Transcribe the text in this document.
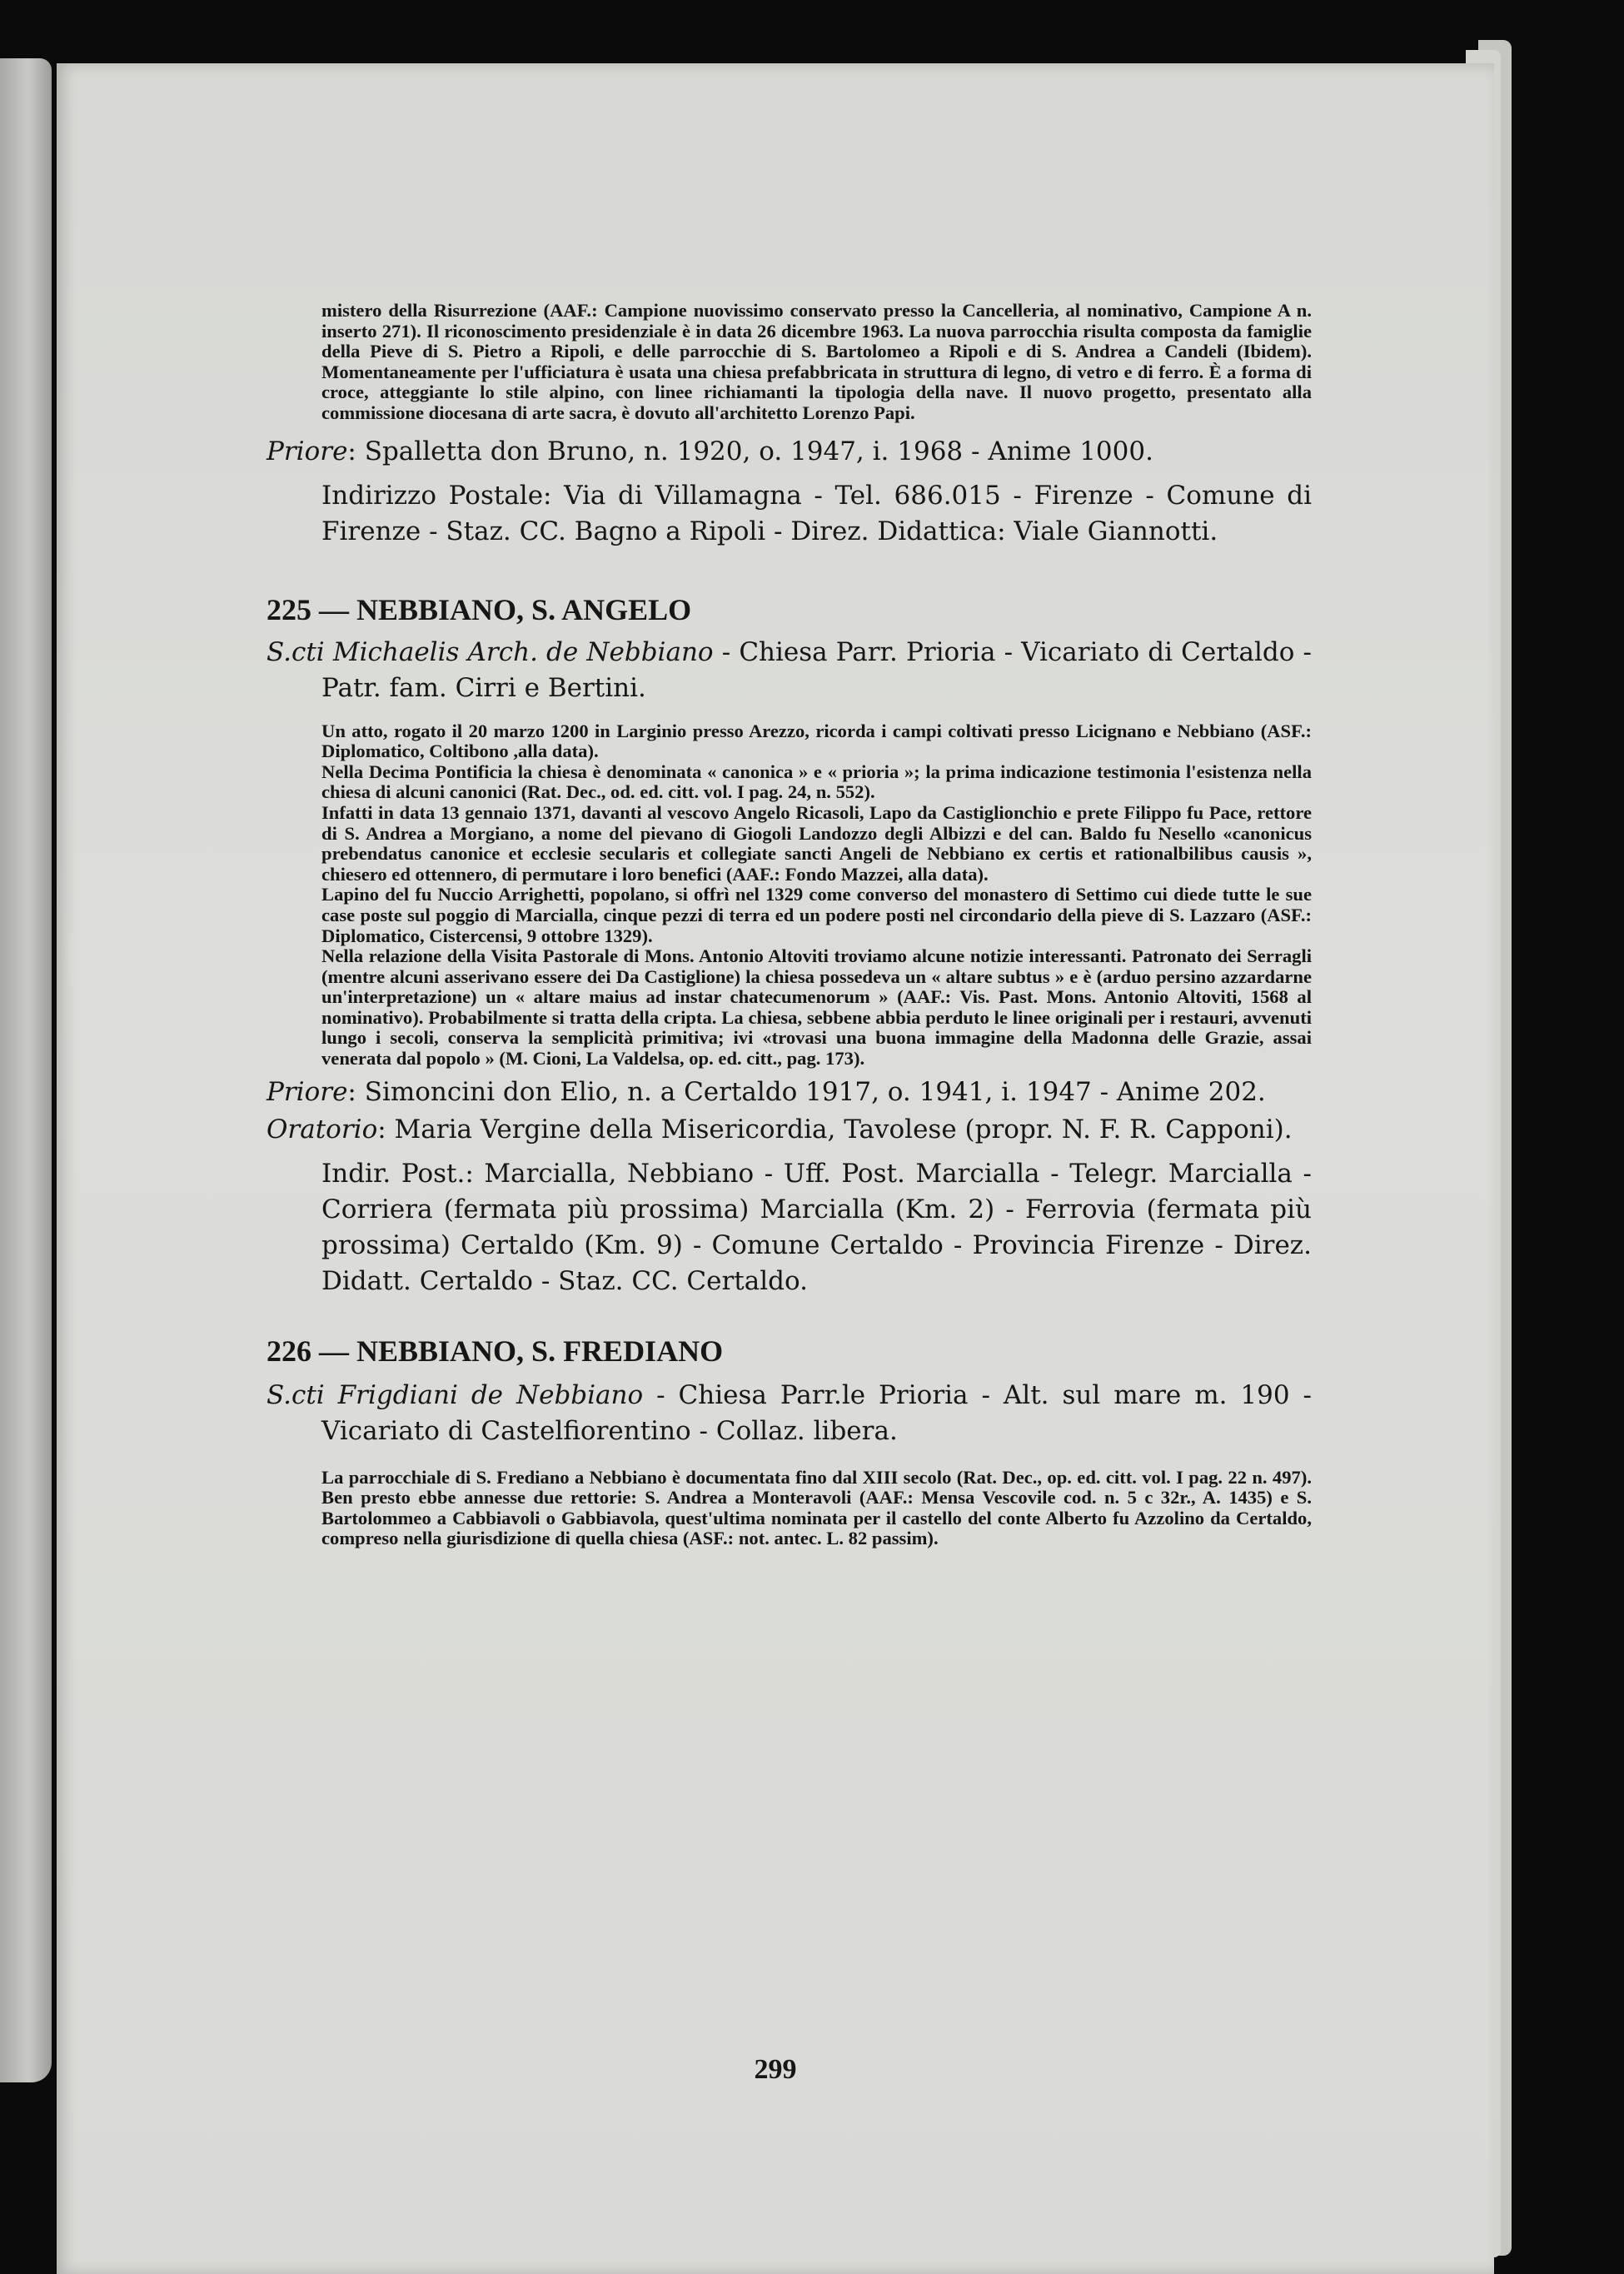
mistero della Risurrezione (AAF.: Campione nuovissimo conservato presso la Cancelleria, al nominativo, Campione A n. inserto 271). Il riconoscimento presidenziale è in data 26 dicembre 1963. La nuova parrocchia risulta composta da famiglie della Pieve di S. Pietro a Ripoli, e delle parrocchie di S. Bartolomeo a Ripoli e di S. Andrea a Candeli (Ibidem). Momentaneamente per l'ufficiatura è usata una chiesa prefabbricata in struttura di legno, di vetro e di ferro. È a forma di croce, atteggiante lo stile alpino, con linee richiamanti la tipologia della nave. Il nuovo progetto, presentato alla commissione diocesana di arte sacra, è dovuto all'architetto Lorenzo Papi.

Priore: Spalletta don Bruno, n. 1920, o. 1947, i. 1968 - Anime 1000.
Indirizzo Postale: Via di Villamagna - Tel. 686.015 - Firenze - Comune di Firenze - Staz. CC. Bagno a Ripoli - Direz. Didattica: Viale Giannotti.
225 — NEBBIANO, S. ANGELO
S.cti Michaelis Arch. de Nebbiano - Chiesa Parr. Prioria - Vicariato di Certaldo - Patr. fam. Cirri e Bertini.

Un atto, rogato il 20 marzo 1200 in Larginio presso Arezzo, ricorda i campi coltivati presso Licignano e Nebbiano (ASF.: Diplomatico, Coltibono ,alla data).

Nella Decima Pontificia la chiesa è denominata « canonica » e « prioria »; la prima indicazione testimonia l'esistenza nella chiesa di alcuni canonici (Rat. Dec., od. ed. citt. vol. I pag. 24, n. 552).

Infatti in data 13 gennaio 1371, davanti al vescovo Angelo Ricasoli, Lapo da Castiglionchio e prete Filippo fu Pace, rettore di S. Andrea a Morgiano, a nome del pievano di Giogoli Landozzo degli Albizzi e del can. Baldo fu Nesello «canonicus prebendatus canonice et ecclesie secularis et collegiate sancti Angeli de Nebbiano ex certis et rationalbilibus causis », chiesero ed ottennero, di permutare i loro benefici (AAF.: Fondo Mazzei, alla data).

Lapino del fu Nuccio Arrighetti, popolano, si offrì nel 1329 come converso del monastero di Settimo cui diede tutte le sue case poste sul poggio di Marcialla, cinque pezzi di terra ed un podere posti nel circondario della pieve di S. Lazzaro (ASF.: Diplomatico, Cistercensi, 9 ottobre 1329).

Nella relazione della Visita Pastorale di Mons. Antonio Altoviti troviamo alcune notizie interessanti. Patronato dei Serragli (mentre alcuni asserivano essere dei Da Castiglione) la chiesa possedeva un « altare subtus » e è (arduo persino azzardarne un'interpretazione) un « altare maius ad instar chatecumenorum » (AAF.: Vis. Past. Mons. Antonio Altoviti, 1568 al nominativo). Probabilmente si tratta della cripta. La chiesa, sebbene abbia perduto le linee originali per i restauri, avvenuti lungo i secoli, conserva la semplicità primitiva; ivi «trovasi una buona immagine della Madonna delle Grazie, assai venerata dal popolo » (M. Cioni, La Valdelsa, op. ed. citt., pag. 173).

Priore: Simoncini don Elio, n. a Certaldo 1917, o. 1941, i. 1947 - Anime 202.
Oratorio: Maria Vergine della Misericordia, Tavolese (propr. N. F. R. Capponi).
Indir. Post.: Marcialla, Nebbiano - Uff. Post. Marcialla - Telegr. Marcialla - Corriera (fermata più prossima) Marcialla (Km. 2) - Ferrovia (fermata più prossima) Certaldo (Km. 9) - Comune Certaldo - Provincia Firenze - Direz. Didatt. Certaldo - Staz. CC. Certaldo.
226 — NEBBIANO, S. FREDIANO
S.cti Frigdiani de Nebbiano - Chiesa Parr.le Prioria - Alt. sul mare m. 190 - Vicariato di Castelfiorentino - Collaz. libera.

La parrocchiale di S. Frediano a Nebbiano è documentata fino dal XIII secolo (Rat. Dec., op. ed. citt. vol. I pag. 22 n. 497). Ben presto ebbe annesse due rettorie: S. Andrea a Monteravoli (AAF.: Mensa Vescovile cod. n. 5 c 32r., A. 1435) e S. Bartolommeo a Cabbiavoli o Gabbiavola, quest'ultima nominata per il castello del conte Alberto fu Azzolino da Certaldo, compreso nella giurisdizione di quella chiesa (ASF.: not. antec. L. 82 passim).

299
